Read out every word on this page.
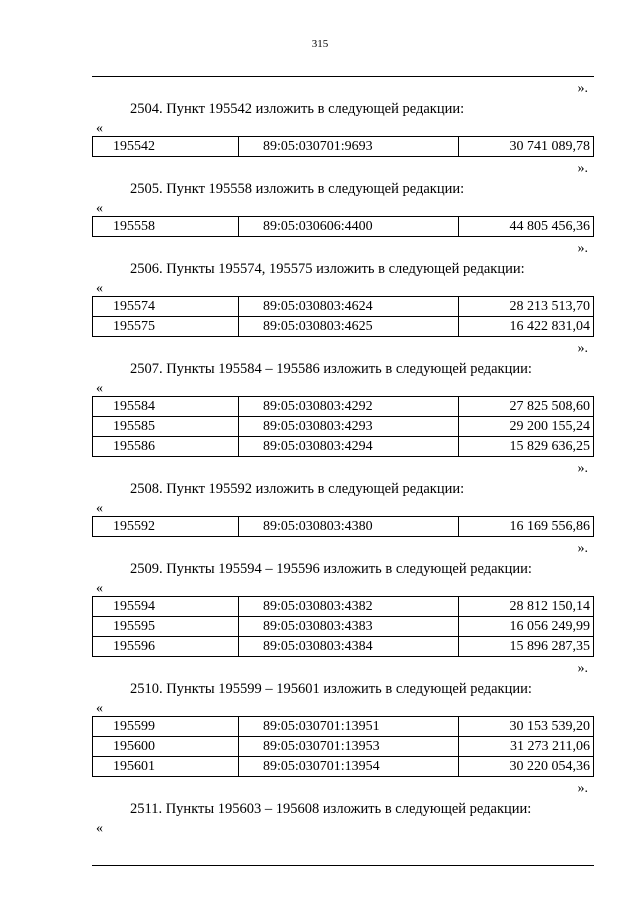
315
».
2504. Пункт 195542 изложить в следующей редакции:
«
195542	89:05:030701:9693	30 741 089,78
».
2505. Пункт 195558 изложить в следующей редакции:
«
195558	89:05:030606:4400	44 805 456,36
».
2506. Пункты 195574, 195575 изложить в следующей редакции:
«
195574	89:05:030803:4624	28 213 513,70
195575	89:05:030803:4625	16 422 831,04
».
2507. Пункты 195584 – 195586 изложить в следующей редакции:
«
195584	89:05:030803:4292	27 825 508,60
195585	89:05:030803:4293	29 200 155,24
195586	89:05:030803:4294	15 829 636,25
».
2508. Пункт 195592 изложить в следующей редакции:
«
195592	89:05:030803:4380	16 169 556,86
».
2509. Пункты 195594 – 195596 изложить в следующей редакции:
«
195594	89:05:030803:4382	28 812 150,14
195595	89:05:030803:4383	16 056 249,99
195596	89:05:030803:4384	15 896 287,35
».
2510. Пункты 195599 – 195601 изложить в следующей редакции:
«
195599	89:05:030701:13951	30 153 539,20
195600	89:05:030701:13953	31 273 211,06
195601	89:05:030701:13954	30 220 054,36
».
2511. Пункты 195603 – 195608 изложить в следующей редакции:
«
